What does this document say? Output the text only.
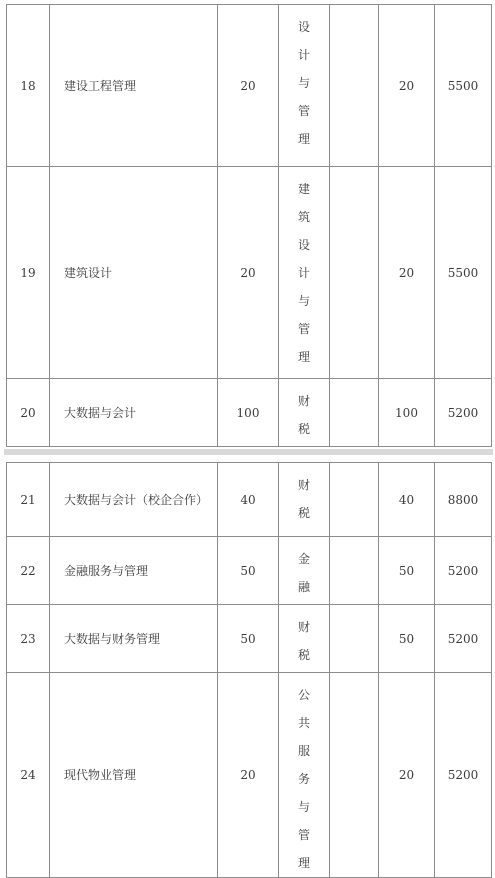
18	建设工程管理	20	设计与管理		20	5500
19	建筑设计	20	建筑设计与管理		20	5500
20	大数据与会计	100	财税		100	5200
21	大数据与会计（校企合作）	40	财税		40	8800
22	金融服务与管理	50	金融		50	5200
23	大数据与财务管理	50	财税		50	5200
24	现代物业管理	20	公共服务与管理		20	5200
